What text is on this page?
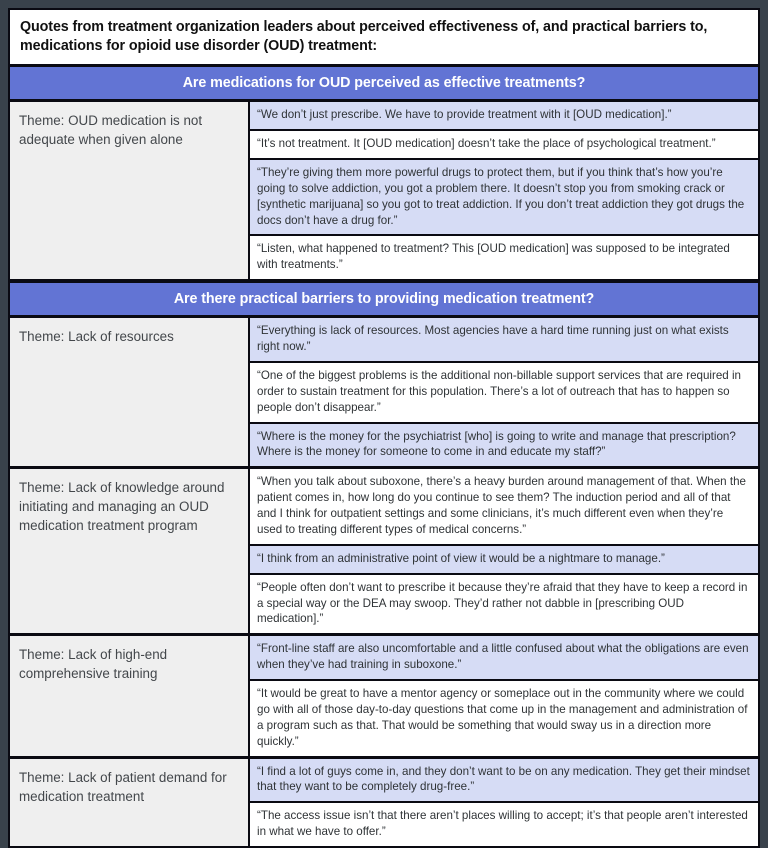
Quotes from treatment organization leaders about perceived effectiveness of, and practical barriers to, medications for opioid use disorder (OUD) treatment:
Are medications for OUD perceived as effective treatments?
Theme: OUD medication is not adequate when given alone
“We don’t just prescribe. We have to provide treatment with it [OUD medication].”
“It’s not treatment. It [OUD medication] doesn’t take the place of psychological treatment.”
“They’re giving them more powerful drugs to protect them, but if you think that’s how you’re going to solve addiction, you got a problem there. It doesn’t stop you from smoking crack or [synthetic marijuana] so you got to treat addiction. If you don’t treat addiction they got drugs the docs don’t have a drug for.”
“Listen, what happened to treatment? This [OUD medication] was supposed to be integrated with treatments.”
Are there practical barriers to providing medication treatment?
Theme: Lack of resources	“Everything is lack of resources. Most agencies have a hard time running just on what exists right now.”
“One of the biggest problems is the additional non-billable support services that are required in order to sustain treatment for this population. There’s a lot of outreach that has to happen so people don’t disappear.”
“Where is the money for the psychiatrist [who] is going to write and manage that prescription? Where is the money for someone to come in and educate my staff?”
Theme: Lack of knowledge around initiating and managing an OUD medication treatment program
“When you talk about suboxone, there’s a heavy burden around management of that. When the patient comes in, how long do you continue to see them? The induction period and all of that and I think for outpatient settings and some clinicians, it’s much different even when they’re used to treating different types of medical concerns.”
“I think from an administrative point of view it would be a nightmare to manage.”
“People often don’t want to prescribe it because they’re afraid that they have to keep a record in a special way or the DEA may swoop. They’d rather not dabble in [prescribing OUD medication].”
Theme: Lack of high-end comprehensive training
“Front-line staff are also uncomfortable and a little confused about what the obligations are even when they’ve had training in suboxone.”
“It would be great to have a mentor agency or someplace out in the community where we could go with all of those day-to-day questions that come up in the management and administration of a program such as that. That would be something that would sway us in a direction more quickly.”
Theme: Lack of patient demand for medication treatment
“I find a lot of guys come in, and they don’t want to be on any medication. They get their mindset that they want to be completely drug-free.”
“The access issue isn’t that there aren’t places willing to accept; it’s that people aren’t interested in what we have to offer.”
